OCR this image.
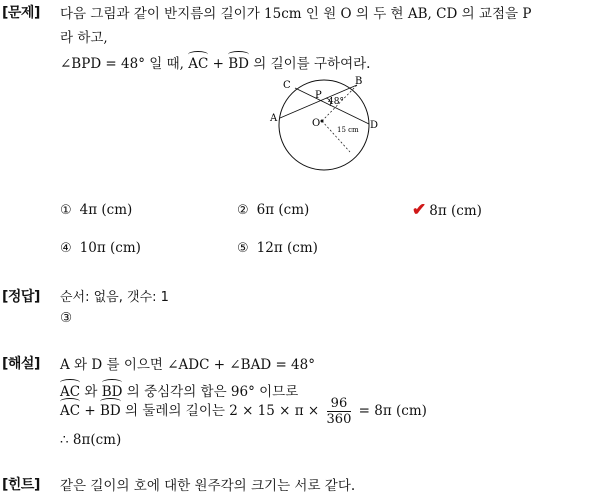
[문제] 다음 그림과 같이 반지름의 길이가 15cm 인 원 O 의 두 현 AB, CD 의 교점을 P
라 하고,
∠BPD = 48° 일 때, AC + BD 의 길이를 구하여라.
C	B
P
48°
A	O
15 cm D
① 4π (cm)	② 6π (cm)	✔ 8π (cm)
④ 10π (cm)	⑤ 12π (cm)
[정답] 순서: 없음, 갯수: 1
③
[해설] A 와 D 를 이으면 ∠ADC + ∠BAD = 48°
AC 와 BD 의 중심각의 합은 96° 이므로
AC + BD 의 둘레의 길이는 $2 \times 15 \times \pi \times \frac{96}{360} = 8\pi$ (cm)
∴ 8π(cm)
[힌트] 같은 길이의 호에 대한 원주각의 크기는 서로 같다.
